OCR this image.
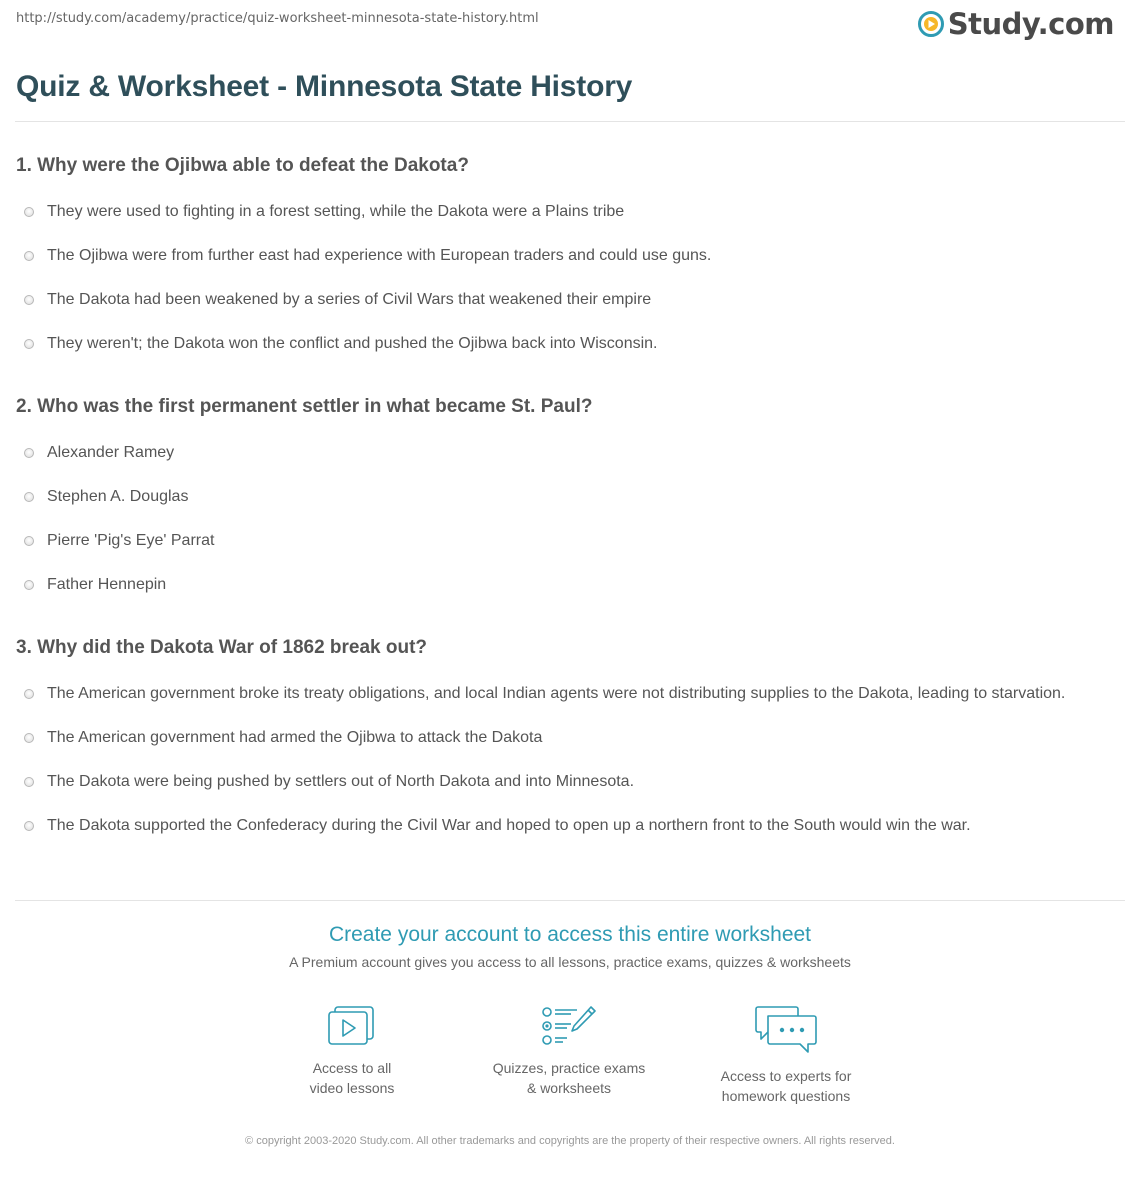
http://study.com/academy/practice/quiz-worksheet-minnesota-state-history.html	Study.com
Quiz & Worksheet - Minnesota State History
1. Why were the Ojibwa able to defeat the Dakota?
They were used to fighting in a forest setting, while the Dakota were a Plains tribe
The Ojibwa were from further east had experience with European traders and could use guns.
The Dakota had been weakened by a series of Civil Wars that weakened their empire
They weren't; the Dakota won the conflict and pushed the Ojibwa back into Wisconsin.
2. Who was the first permanent settler in what became St. Paul?
Alexander Ramey
Stephen A. Douglas
Pierre 'Pig's Eye' Parrat
Father Hennepin
3. Why did the Dakota War of 1862 break out?
The American government broke its treaty obligations, and local Indian agents were not distributing supplies to the Dakota, leading to starvation.
The American government had armed the Ojibwa to attack the Dakota
The Dakota were being pushed by settlers out of North Dakota and into Minnesota.
The Dakota supported the Confederacy during the Civil War and hoped to open up a northern front to the South would win the war.
Create your account to access this entire worksheet
A Premium account gives you access to all lessons, practice exams, quizzes & worksheets
Access to all
video lessons
Quizzes, practice exams
& worksheets
Access to experts for
homework questions
© copyright 2003-2020 Study.com. All other trademarks and copyrights are the property of their respective owners. All rights reserved.
